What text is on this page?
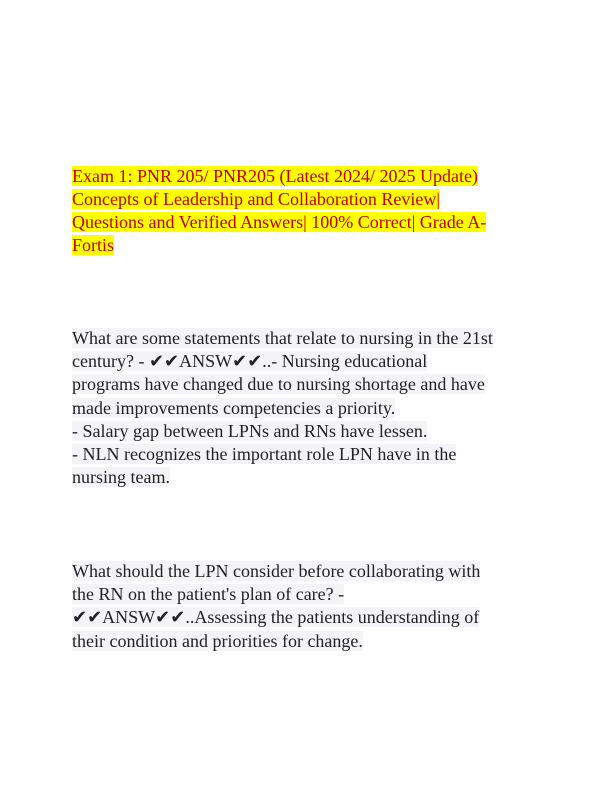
Exam 1: PNR 205/ PNR205 (Latest 2024/ 2025 Update)
Concepts of Leadership and Collaboration Review|
Questions and Verified Answers| 100% Correct| Grade A-
Fortis
What are some statements that relate to nursing in the 21st
century? - ✔✔ANSW✔✔..- Nursing educational
programs have changed due to nursing shortage and have
made improvements competencies a priority.
- Salary gap between LPNs and RNs have lessen.
- NLN recognizes the important role LPN have in the
nursing team.
What should the LPN consider before collaborating with
the RN on the patient's plan of care? -
✔✔ANSW✔✔..Assessing the patients understanding of
their condition and priorities for change.
